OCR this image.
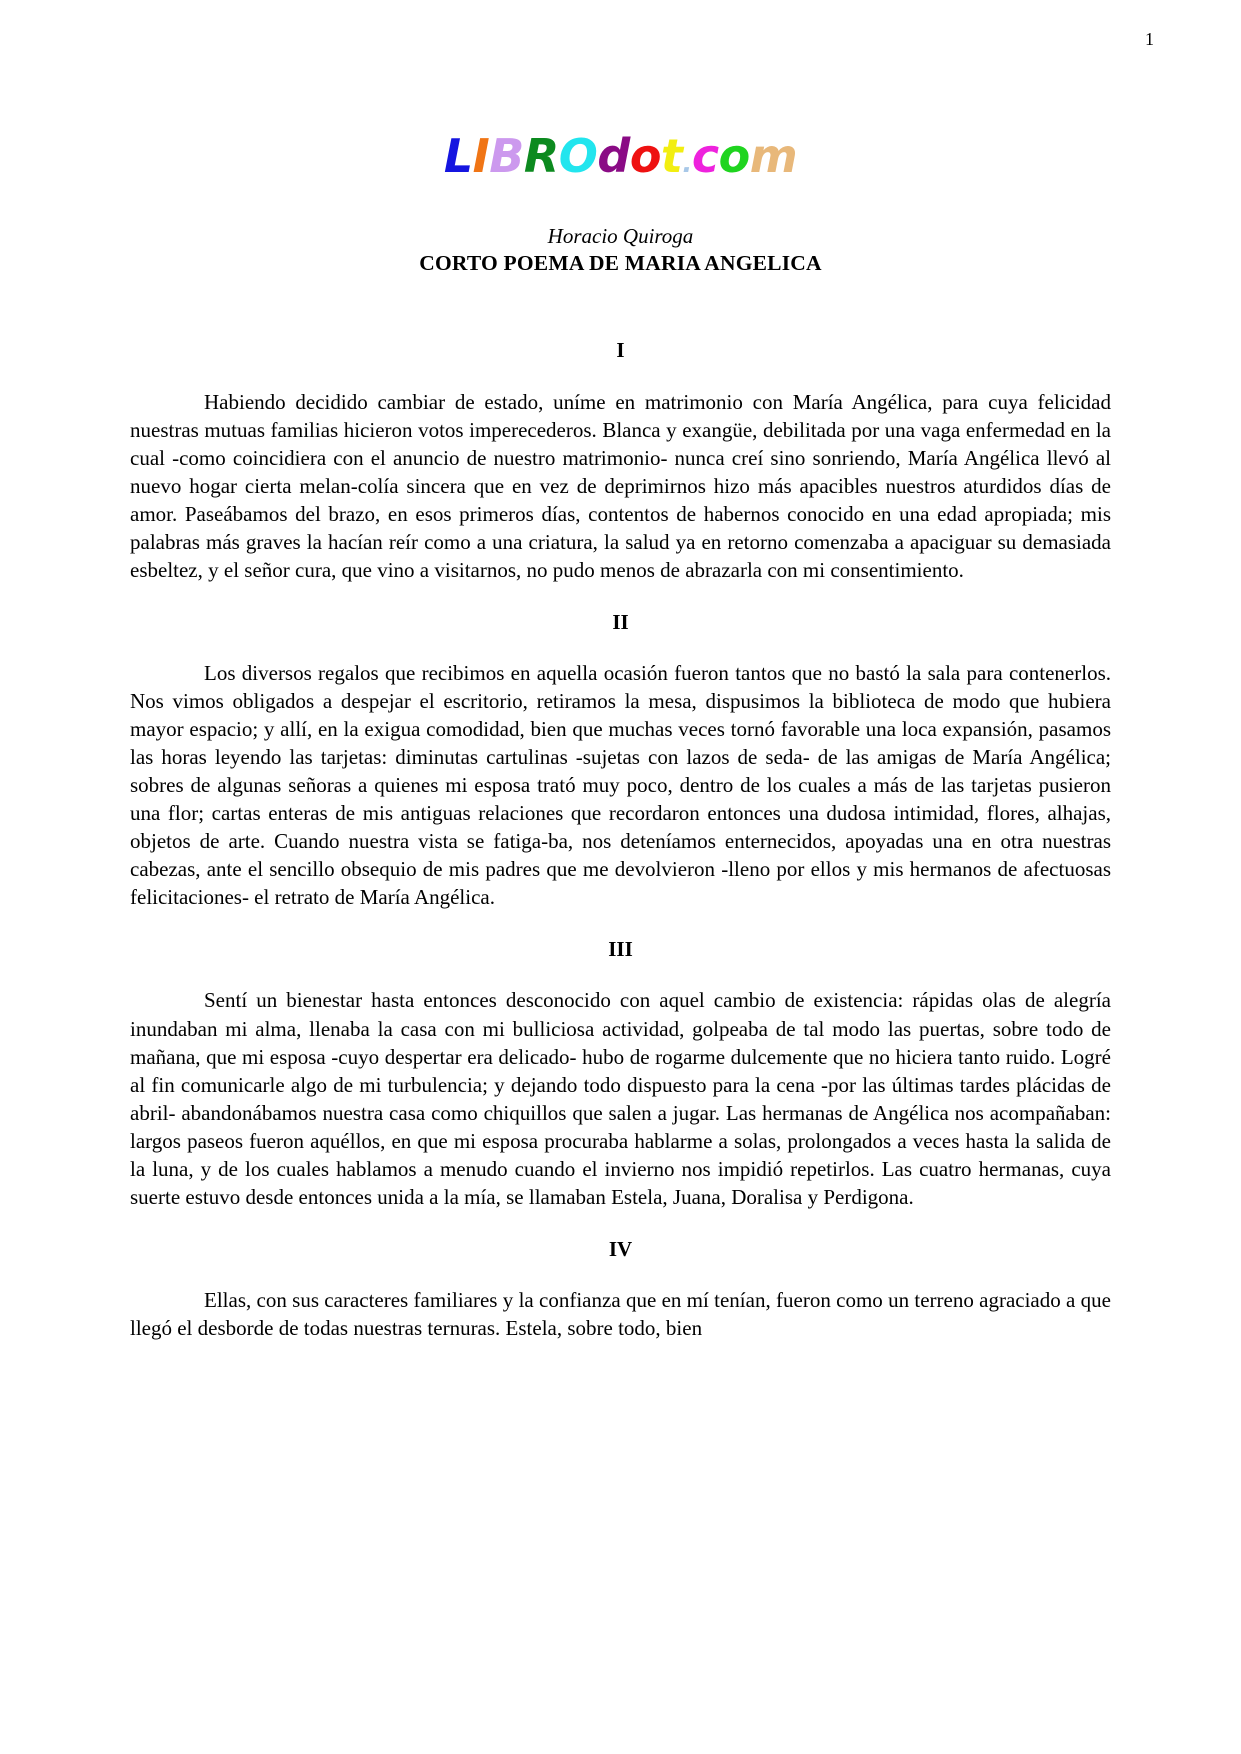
1
LIBROdot.com
Horacio Quiroga
CORTO POEMA DE MARIA ANGELICA
I

Habiendo decidido cambiar de estado, uníme en matrimonio con María Angélica, para cuya felicidad nuestras mutuas familias hicieron votos imperecederos. Blanca y exangüe, debilitada por una vaga enfermedad en la cual -como coincidiera con el anuncio de nuestro matrimonio- nunca creí sino sonriendo, María Angélica llevó al nuevo hogar cierta melan-colía sincera que en vez de deprimirnos hizo más apacibles nuestros aturdidos días de amor. Paseábamos del brazo, en esos primeros días, contentos de habernos conocido en una edad apropiada; mis palabras más graves la hacían reír como a una criatura, la salud ya en retorno comenzaba a apaciguar su demasiada esbeltez, y el señor cura, que vino a visitarnos, no pudo menos de abrazarla con mi consentimiento.

II

Los diversos regalos que recibimos en aquella ocasión fueron tantos que no bastó la sala para contenerlos. Nos vimos obligados a despejar el escritorio, retiramos la mesa, dispusimos la biblioteca de modo que hubiera mayor espacio; y allí, en la exigua comodidad, bien que muchas veces tornó favorable una loca expansión, pasamos las horas leyendo las tarjetas: diminutas cartulinas -sujetas con lazos de seda- de las amigas de María Angélica; sobres de algunas señoras a quienes mi esposa trató muy poco, dentro de los cuales a más de las tarjetas pusieron una flor; cartas enteras de mis antiguas relaciones que recordaron entonces una dudosa intimidad, flores, alhajas, objetos de arte. Cuando nuestra vista se fatiga-ba, nos deteníamos enternecidos, apoyadas una en otra nuestras cabezas, ante el sencillo obsequio de mis padres que me devolvieron -lleno por ellos y mis hermanos de afectuosas felicitaciones- el retrato de María Angélica.

III

Sentí un bienestar hasta entonces desconocido con aquel cambio de existencia: rápidas olas de alegría inundaban mi alma, llenaba la casa con mi bulliciosa actividad, golpeaba de tal modo las puertas, sobre todo de mañana, que mi esposa -cuyo despertar era delicado- hubo de rogarme dulcemente que no hiciera tanto ruido. Logré al fin comunicarle algo de mi turbulencia; y dejando todo dispuesto para la cena -por las últimas tardes plácidas de abril- abandonábamos nuestra casa como chiquillos que salen a jugar. Las hermanas de Angélica nos acompañaban: largos paseos fueron aquéllos, en que mi esposa procuraba hablarme a solas, prolongados a veces hasta la salida de la luna, y de los cuales hablamos a menudo cuando el invierno nos impidió repetirlos. Las cuatro hermanas, cuya suerte estuvo desde entonces unida a la mía, se llamaban Estela, Juana, Doralisa y Perdigona.

IV

Ellas, con sus caracteres familiares y la confianza que en mí tenían, fueron como un terreno agraciado a que llegó el desborde de todas nuestras ternuras. Estela, sobre todo, bien
